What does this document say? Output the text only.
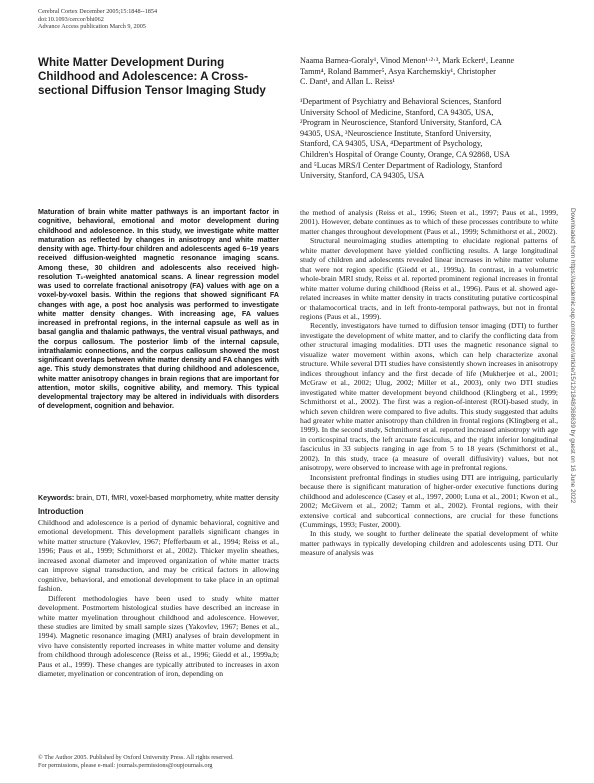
Cerebral Cortex December 2005;15:1848--1854
doi:10.1093/cercor/bhi062
Advance Access publication March 9, 2005
White Matter Development During Childhood and Adolescence: A Cross-sectional Diffusion Tensor Imaging Study
Naama Barnea-Goraly¹, Vinod Menon¹·²·³, Mark Eckert¹, Leanne
Tamm⁴, Roland Bammer⁵, Asya Karchemskiy¹, Christopher
C. Dant¹, and Allan L. Reiss¹
¹Department of Psychiatry and Behavioral Sciences, Stanford
University School of Medicine, Stanford, CA 94305, USA,
²Program in Neuroscience, Stanford University, Stanford, CA
94305, USA, ³Neuroscience Institute, Stanford University,
Stanford, CA 94305, USA, ⁴Department of Psychology,
Children's Hospital of Orange County, Orange, CA 92868, USA
and ⁵Lucas MRS/I Center Department of Radiology, Stanford
University, Stanford, CA 94305, USA
Maturation of brain white matter pathways is an important factor in cognitive, behavioral, emotional and motor development during childhood and adolescence. In this study, we investigate white matter maturation as reflected by changes in anisotropy and white matter density with age. Thirty-four children and adolescents aged 6–19 years received diffusion-weighted magnetic resonance imaging scans. Among these, 30 children and adolescents also received high-resolution T₁-weighted anatomical scans. A linear regression model was used to correlate fractional anisotropy (FA) values with age on a voxel-by-voxel basis. Within the regions that showed significant FA changes with age, a post hoc analysis was performed to investigate white matter density changes. With increasing age, FA values increased in prefrontal regions, in the internal capsule as well as in basal ganglia and thalamic pathways, the ventral visual pathways, and the corpus callosum. The posterior limb of the internal capsule, intrathalamic connections, and the corpus callosum showed the most significant overlaps between white matter density and FA changes with age. This study demonstrates that during childhood and adolescence, white matter anisotropy changes in brain regions that are important for attention, motor skills, cognitive ability, and memory. This typical developmental trajectory may be altered in individuals with disorders of development, cognition and behavior.
Keywords: brain, DTI, fMRI, voxel-based morphometry, white matter density
Introduction

Childhood and adolescence is a period of dynamic behavioral, cognitive and emotional development. This development parallels significant changes in white matter structure (Yakovlev, 1967; Pfefferbaum et al., 1994; Reiss et al., 1996; Paus et al., 1999; Schmithorst et al., 2002). Thicker myelin sheathes, increased axonal diameter and improved organization of white matter tracts can improve signal transduction, and may be critical factors in allowing cognitive, behavioral, and emotional development to take place in an optimal fashion.

Different methodologies have been used to study white matter development. Postmortem histological studies have described an increase in white matter myelination throughout childhood and adolescence. However, these studies are limited by small sample sizes (Yakovlev, 1967; Benes et al., 1994). Magnetic resonance imaging (MRI) analyses of brain development in vivo have consistently reported increases in white matter volume and density from childhood through adolescence (Reiss et al., 1996; Giedd et al., 1999a,b; Paus et al., 1999). These changes are typically attributed to increases in axon diameter, myelination or concentration of iron, depending on

the method of analysis (Reiss et al., 1996; Steen et al., 1997; Paus et al., 1999, 2001). However, debate continues as to which of these processes contribute to white matter changes throughout development (Paus et al., 1999; Schmithorst et al., 2002).

Structural neuroimaging studies attempting to elucidate regional patterns of white matter development have yielded conflicting results. A large longitudinal study of children and adolescents revealed linear increases in white matter volume that were not region specific (Giedd et al., 1999a). In contrast, in a volumetric whole-brain MRI study, Reiss et al. reported prominent regional increases in frontal white matter volume during childhood (Reiss et al., 1996). Paus et al. showed age-related increases in white matter density in tracts constituting putative corticospinal or thalamocortical tracts, and in left fronto-temporal pathways, but not in frontal regions (Paus et al., 1999).

Recently, investigators have turned to diffusion tensor imaging (DTI) to further investigate the development of white matter, and to clarify the conflicting data from other structural imaging modalities. DTI uses the magnetic resonance signal to visualize water movement within axons, which can help characterize axonal structure. While several DTI studies have consistently shown increases in anisotropy indices throughout infancy and the first decade of life (Mukherjee et al., 2001; McGraw et al., 2002; Ulug, 2002; Miller et al., 2003), only two DTI studies investigated white matter development beyond childhood (Klingberg et al., 1999; Schmithorst et al., 2002). The first was a region-of-interest (ROI)-based study, in which seven children were compared to five adults. This study suggested that adults had greater white matter anisotropy than children in frontal regions (Klingberg et al., 1999). In the second study, Schmithorst et al. reported increased anisotropy with age in corticospinal tracts, the left arcuate fasciculus, and the right inferior longitudinal fasciculus in 33 subjects ranging in age from 5 to 18 years (Schmithorst et al., 2002). In this study, trace (a measure of overall diffusivity) values, but not anisotropy, were observed to increase with age in prefrontal regions.

Inconsistent prefrontal findings in studies using DTI are intriguing, particularly because there is significant maturation of higher-order executive functions during childhood and adolescence (Casey et al., 1997, 2000; Luna et al., 2001; Kwon et al., 2002; McGivern et al., 2002; Tamm et al., 2002). Frontal regions, with their extensive cortical and subcortical connections, are crucial for these functions (Cummings, 1993; Fuster, 2000).

In this study, we sought to further delineate the spatial development of white matter pathways in typically developing children and adolescents using DTI. Our measure of analysis was

Downloaded from https://academic.oup.com/cercor/article/15/12/1848/368639 by guest on 16 June 2022
© The Author 2005. Published by Oxford University Press. All rights reserved.
For permissions, please e-mail: journals.permissions@oupjournals.org
